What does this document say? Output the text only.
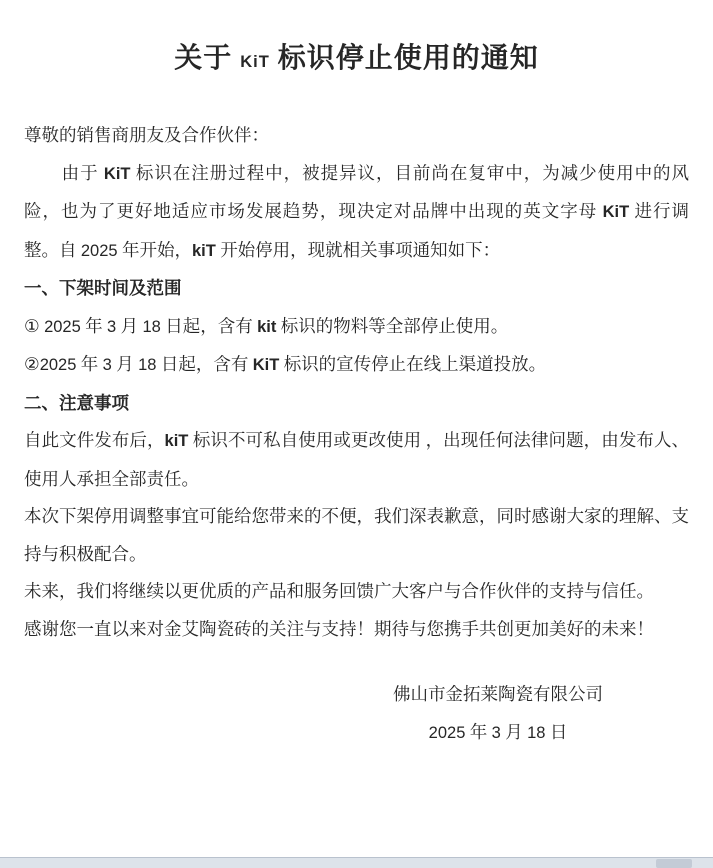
关于 KiT 标识停止使用的通知
尊敬的销售商朋友及合作伙伴：
由于 KiT 标识在注册过程中，被提异议，目前尚在复审中，为减少使用中的风险，也为了更好地适应市场发展趋势，现决定对品牌中出现的英文字母 KiT 进行调整。自 2025 年开始，kiT 开始停用，现就相关事项通知如下：
一、下架时间及范围
① 2025 年 3 月 18 日起，含有 kit 标识的物料等全部停止使用。
②2025 年 3 月 18 日起，含有 KiT 标识的宣传停止在线上渠道投放。
二、注意事项
自此文件发布后，kiT 标识不可私自使用或更改使用 ，出现任何法律问题，由发布人、使用人承担全部责任。
本次下架停用调整事宜可能给您带来的不便，我们深表歉意，同时感谢大家的理解、支持与积极配合。
未来，我们将继续以更优质的产品和服务回馈广大客户与合作伙伴的支持与信任。
感谢您一直以来对金艾陶瓷砖的关注与支持！期待与您携手共创更加美好的未来！
佛山市金拓莱陶瓷有限公司
2025 年 3 月 18 日
